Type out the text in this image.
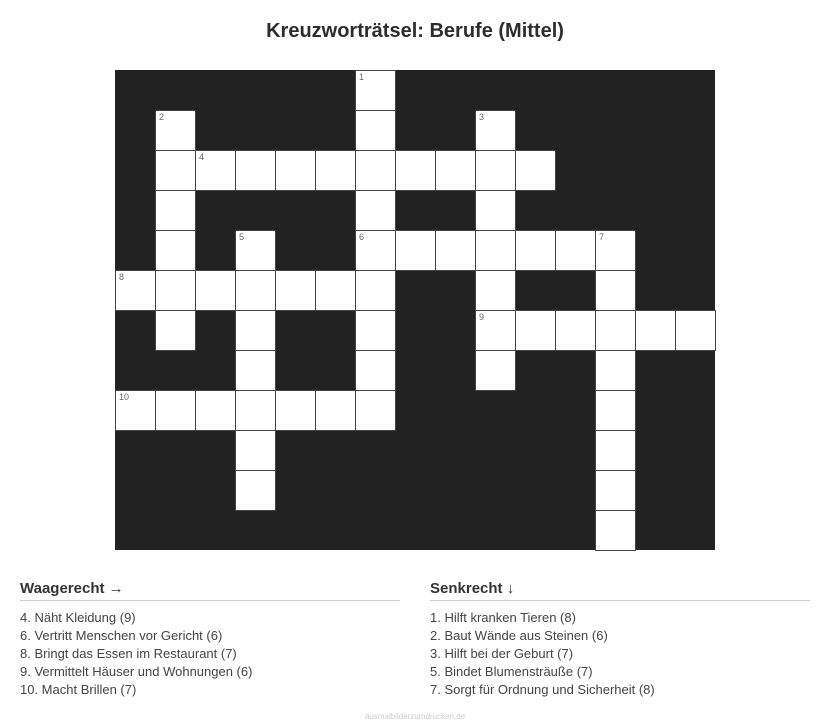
Kreuzworträtsel: Berufe (Mittel)
1
2	3
4
5	6	7
8
9
10
Waagerecht →
4. Näht Kleidung (9)
6. Vertritt Menschen vor Gericht (6)
8. Bringt das Essen im Restaurant (7)
9. Vermittelt Häuser und Wohnungen (6)
10. Macht Brillen (7)
Senkrecht ↓
1. Hilft kranken Tieren (8)
2. Baut Wände aus Steinen (6)
3. Hilft bei der Geburt (7)
5. Bindet Blumensträuße (7)
7. Sorgt für Ordnung und Sicherheit (8)
ausmalbilderzumdrucken.de
